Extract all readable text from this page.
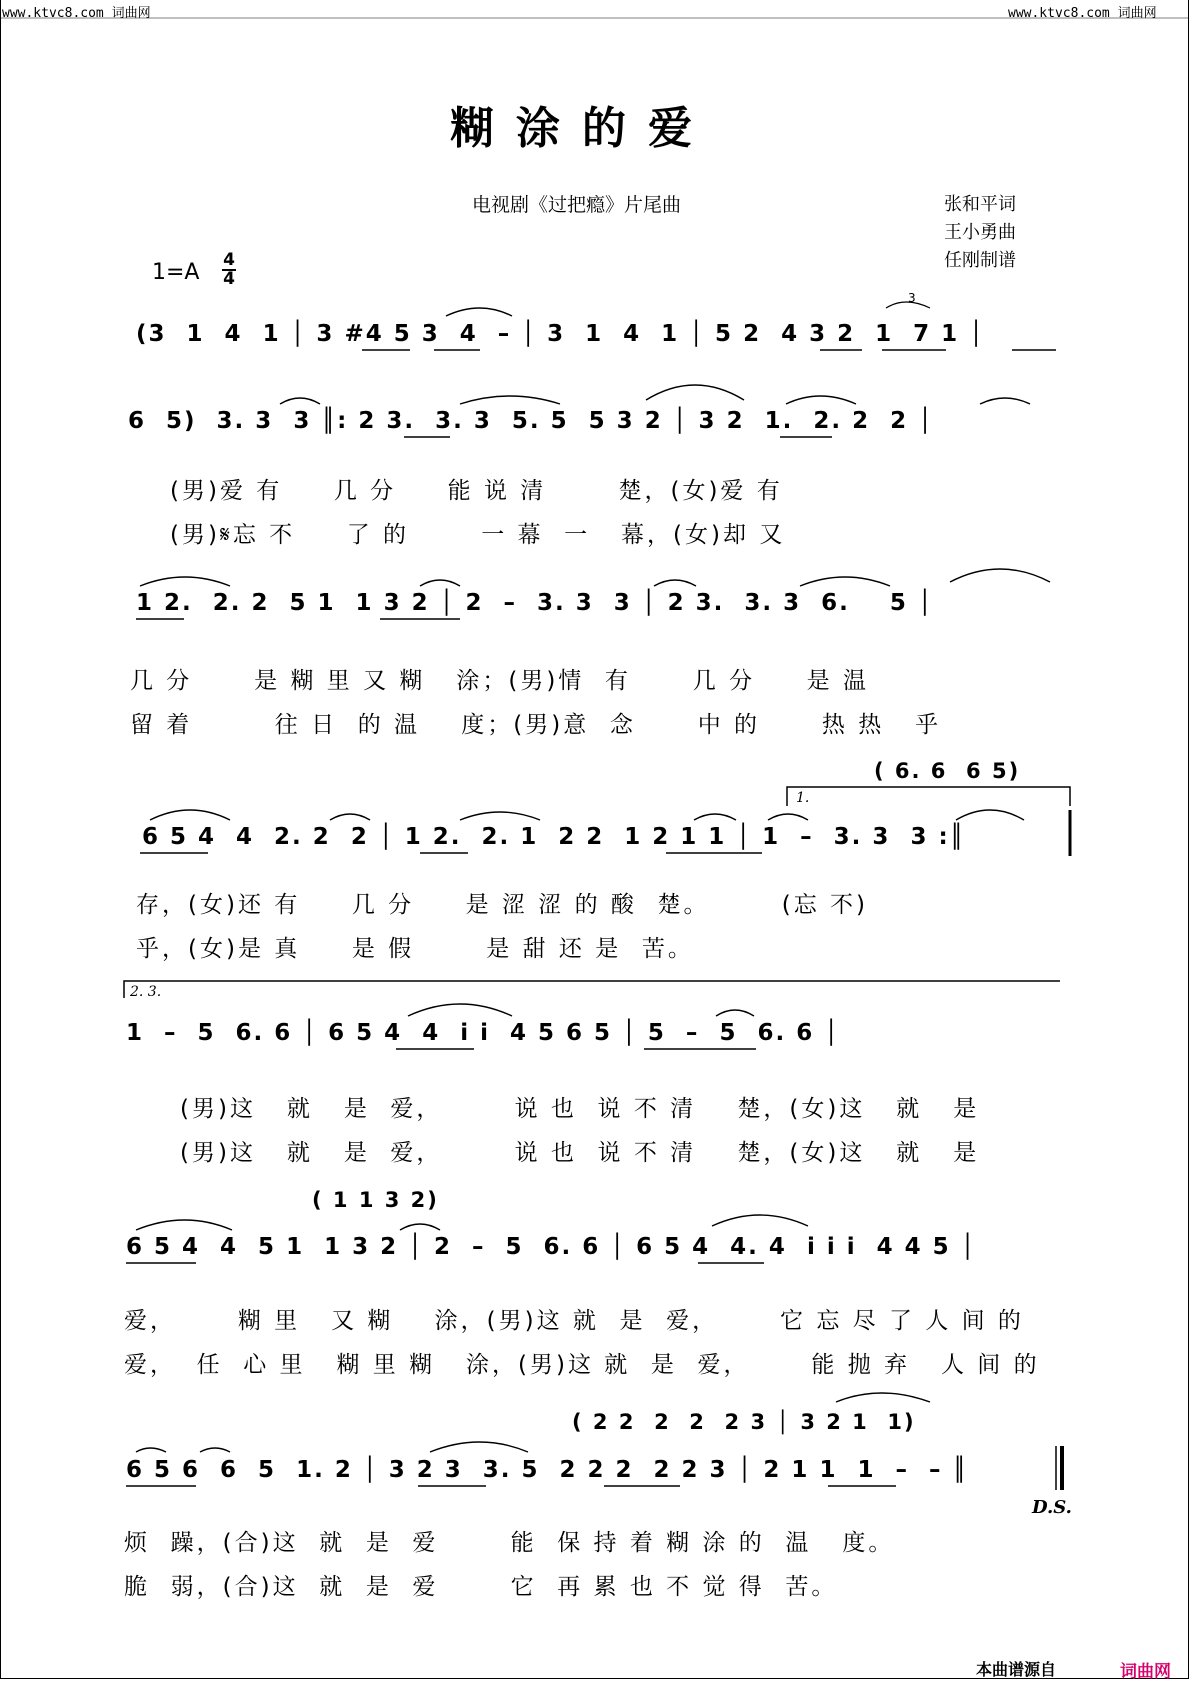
www.ktvc8.com 词曲网	www.ktvc8.com 词曲网
糊涂的爱
电视剧《过把瘾》片尾曲	张和平词
王小勇曲
任刚制谱
1=A 4
4
(3  1  4  1 │ 3 #4 5 3  4  – │ 3  1  4  1 │ 5 2  4 3 2  1  7 1 │
6  5)  3. 3  3 ║: 2 3.  3. 3  5. 5  5 3 2 │ 3 2  1.  2. 2  2 │
(男)爱 有     几 分     能 说 清       楚，(女)爱 有
(男)𝄋忘 不     了 的       一 幕  一   幕，(女)却 又
1 2.  2. 2  5 1  1 3 2 │ 2  –  3. 3  3 │ 2 3.  3. 3  6.    5 │
几 分      是 糊 里 又 糊   涂；(男)情  有      几 分     是 温
留 着        往 日  的 温    度；(男)意  念      中 的      热 热   乎
( 6. 6  6 5)
1.
6 5 4  4  2. 2  2 │ 1 2.  2. 1  2 2  1 2 1 1 │ 1  –  3. 3  3 :║
存，(女)还 有     几 分     是 涩 涩 的 酸  楚。       (忘 不)
乎，(女)是 真     是 假       是 甜 还 是  苦。
2. 3.
1  –  5  6. 6 │ 6 5 4  4  i i  4 5 6 5 │ 5  –  5  6. 6 │
(男)这   就   是  爱，       说 也  说 不 清    楚，(女)这   就   是
(男)这   就   是  爱，       说 也  说 不 清    楚，(女)这   就   是
( 1 1 3 2)
6 5 4  4  5 1  1 3 2 │ 2  –  5  6. 6 │ 6 5 4  4. 4  i i i  4 4 5 │
爱，      糊 里   又 糊    涂，(男)这 就  是  爱，      它 忘 尽 了 人 间 的
爱，  任  心 里   糊 里 糊   涂，(男)这 就  是  爱，      能 抛 弃   人 间 的
( 2 2  2  2  2 3 │ 3 2 1  1)
6 5 6  6  5  1. 2 │ 3 2 3  3. 5  2 2 2  2 2 3 │ 2 1 1  1  –  – ║
D.S.
烦  躁，(合)这  就  是  爱       能  保 持 着 糊 涂 的  温   度。
脆  弱，(合)这  就  是  爱       它  再 累 也 不 觉 得  苦。
3
本曲谱源自	词曲网
